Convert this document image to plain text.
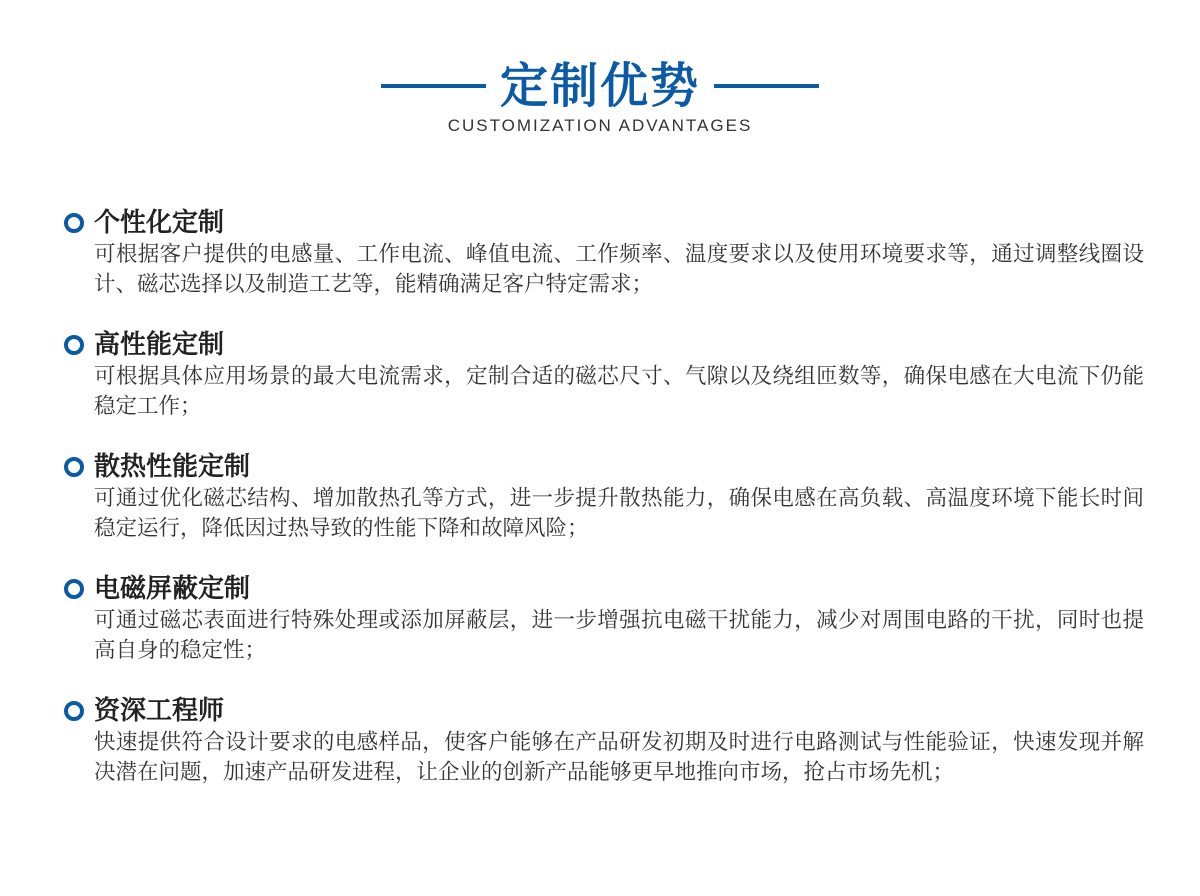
定制优势
CUSTOMIZATION ADVANTAGES
个性化定制
可根据客户提供的电感量、工作电流、峰值电流、工作频率、温度要求以及使用环境要求等，通过调整线圈设计、磁芯选择以及制造工艺等，能精确满足客户特定需求；
高性能定制
可根据具体应用场景的最大电流需求，定制合适的磁芯尺寸、气隙以及绕组匝数等，确保电感在大电流下仍能稳定工作；
散热性能定制
可通过优化磁芯结构、增加散热孔等方式，进一步提升散热能力，确保电感在高负载、高温度环境下能长时间稳定运行，降低因过热导致的性能下降和故障风险；
电磁屏蔽定制
可通过磁芯表面进行特殊处理或添加屏蔽层，进一步增强抗电磁干扰能力，减少对周围电路的干扰，同时也提高自身的稳定性；
资深工程师
快速提供符合设计要求的电感样品，使客户能够在产品研发初期及时进行电路测试与性能验证，快速发现并解决潜在问题，加速产品研发进程，让企业的创新产品能够更早地推向市场，抢占市场先机；
